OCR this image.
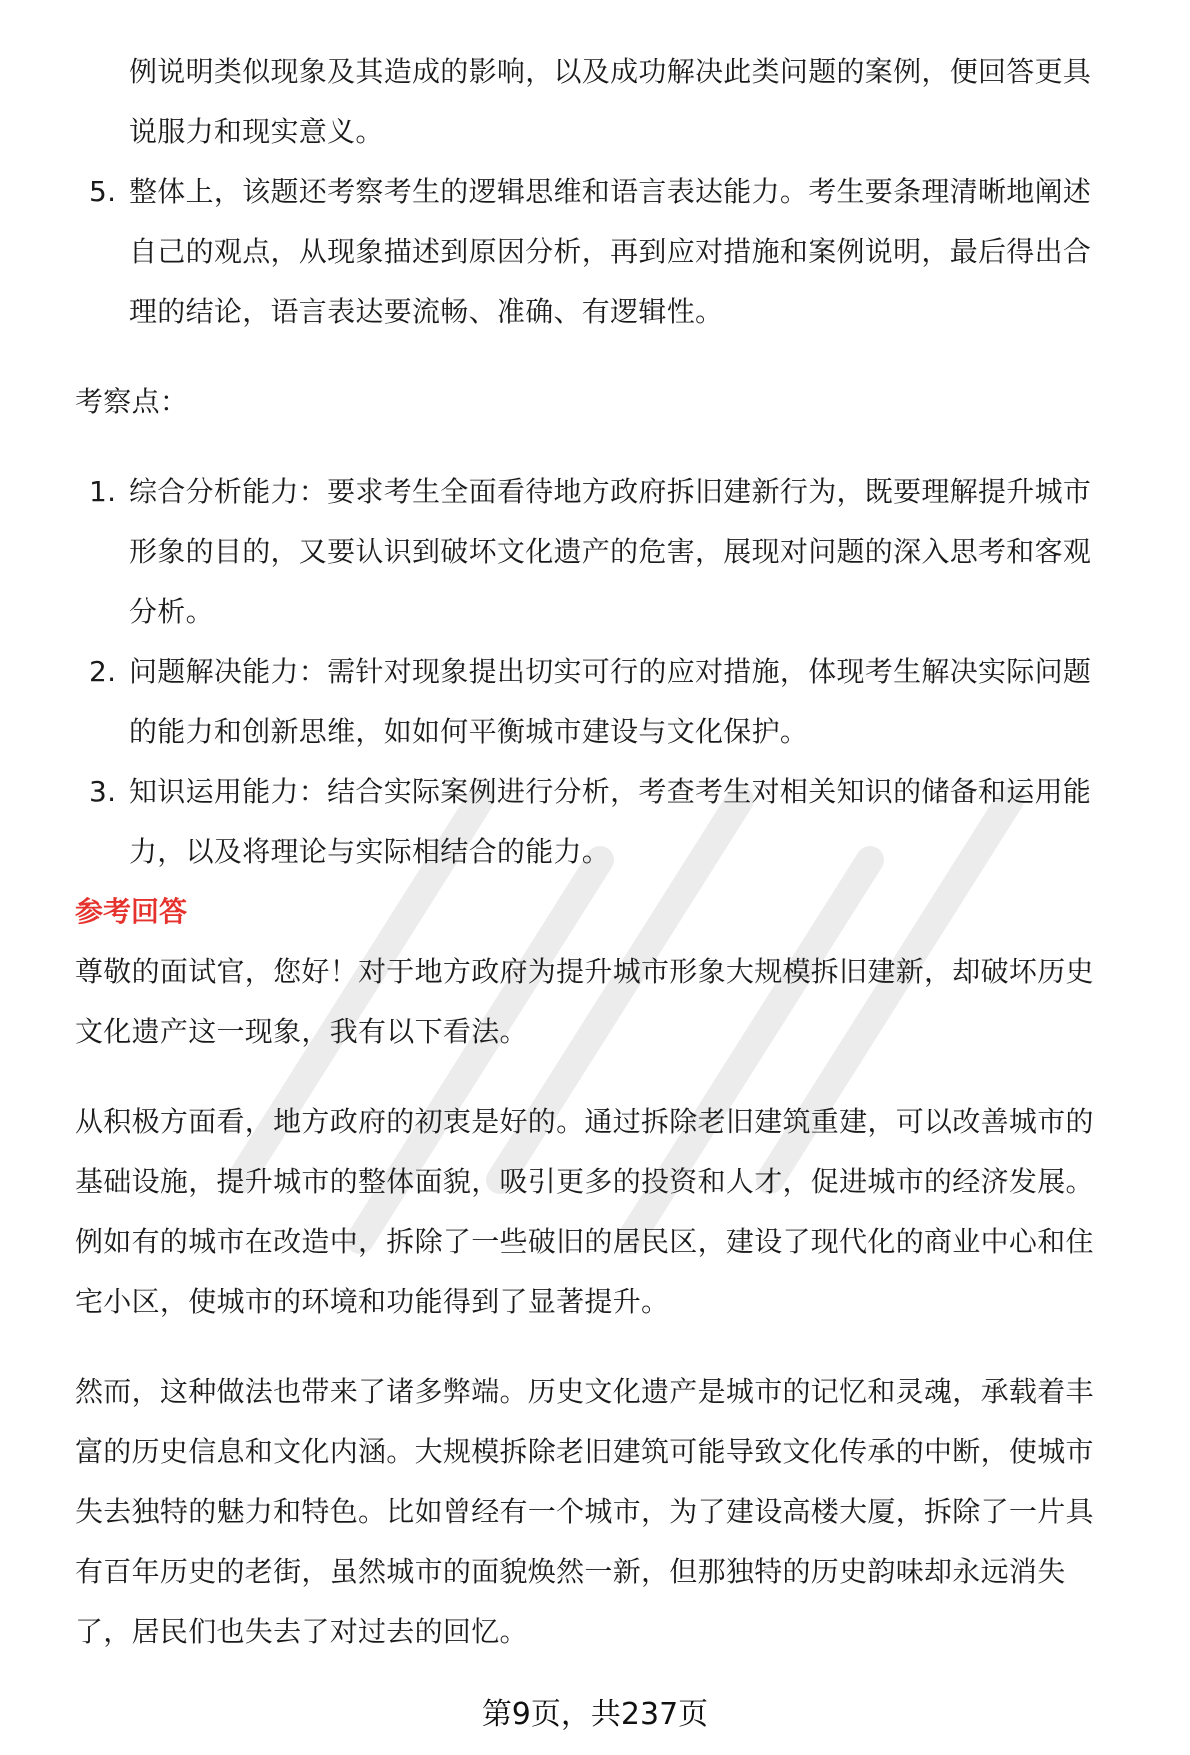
例说明类似现象及其造成的影响，以及成功解决此类问题的案例，便回答更具
说服力和现实意义。
5. 整体上，该题还考察考生的逻辑思维和语言表达能力。考生要条理清晰地阐述
自己的观点，从现象描述到原因分析，再到应对措施和案例说明，最后得出合
理的结论，语言表达要流畅、准确、有逻辑性。

考察点：

1. 综合分析能力：要求考生全面看待地方政府拆旧建新行为，既要理解提升城市
形象的目的，又要认识到破坏文化遗产的危害，展现对问题的深入思考和客观
分析。
2. 问题解决能力：需针对现象提出切实可行的应对措施，体现考生解决实际问题
的能力和创新思维，如如何平衡城市建设与文化保护。
3. 知识运用能力：结合实际案例进行分析，考查考生对相关知识的储备和运用能
力，以及将理论与实际相结合的能力。
参考回答
尊敬的面试官，您好！对于地方政府为提升城市形象大规模拆旧建新，却破坏历史
文化遗产这一现象，我有以下看法。
从积极方面看，地方政府的初衷是好的。通过拆除老旧建筑重建，可以改善城市的
基础设施，提升城市的整体面貌，吸引更多的投资和人才，促进城市的经济发展。
例如有的城市在改造中，拆除了一些破旧的居民区，建设了现代化的商业中心和住
宅小区，使城市的环境和功能得到了显著提升。
然而，这种做法也带来了诸多弊端。历史文化遗产是城市的记忆和灵魂，承载着丰
富的历史信息和文化内涵。大规模拆除老旧建筑可能导致文化传承的中断，使城市
失去独特的魅力和特色。比如曾经有一个城市，为了建设高楼大厦，拆除了一片具
有百年历史的老街，虽然城市的面貌焕然一新，但那独特的历史韵味却永远消失
了，居民们也失去了对过去的回忆。
第9页，共237页
